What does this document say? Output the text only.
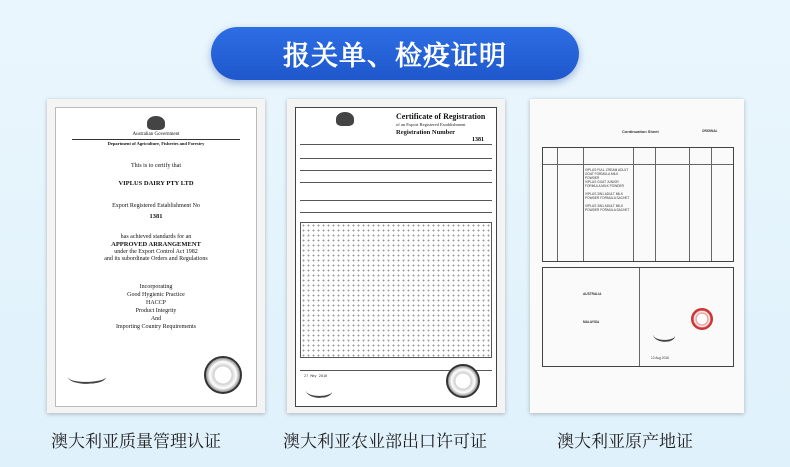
报关单、检疫证明
Australian Government
Department of Agriculture, Fisheries and Forestry
This is to certify that
VIPLUS DAIRY PTY LTD
Export Registered Establishment No
1381
has achieved standards for an
APPROVED ARRANGEMENT
under the Export Control Act 1982
and its subordinate Orders and Regulations
Incorporating
Good Hygienic Practice
HACCP
Product Integrity
And
Importing Country Requirements
Certificate of Registration
of an Export Registered Establishment
Registration Number
1381
27 May 2016
Continuation Sheet	ORIGINAL
VIPLUS FULL CREAM ADULT GOAT FORMULA MILK POWDER
VIPLUS GOAT JUNIOR FORMULA MILK POWDER
VIPLUS 3IN1 ADULT MILK POWDER FORMULA SACHET
VIPLUS 3IN1 ADULT MILK POWDER FORMULA SACHET
AUSTRALIA
MALAYSIA
12 Aug 2016
澳大利亚质量管理认证	澳大利亚农业部出口许可证	澳大利亚原产地证
